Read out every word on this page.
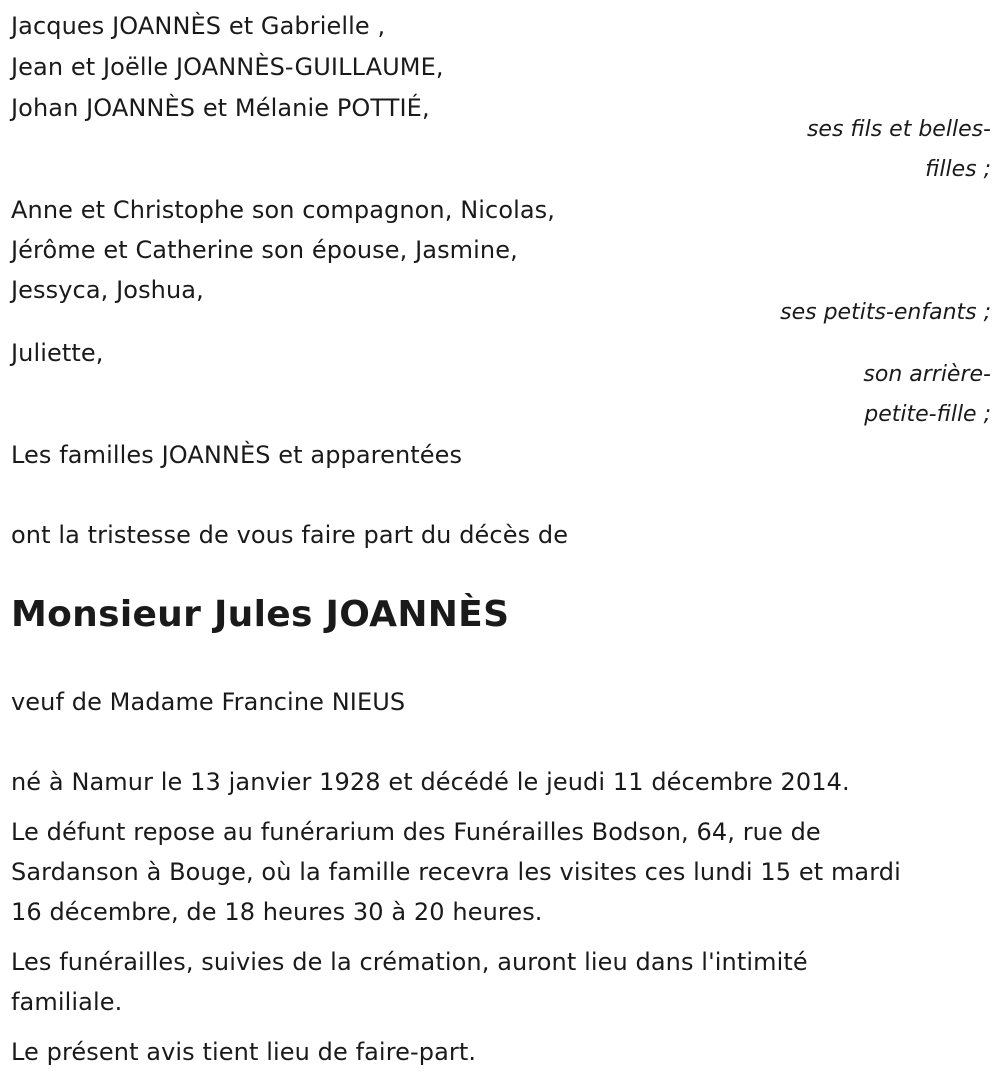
Jacques JOANNÈS et Gabrielle ,
Jean et Joëlle JOANNÈS-GUILLAUME,
Johan JOANNÈS et Mélanie POTTIÉ,
ses fils et belles-
filles ;
Anne et Christophe son compagnon, Nicolas,
Jérôme et Catherine son épouse, Jasmine,
Jessyca, Joshua,
ses petits-enfants ;
Juliette,
son arrière-
petite-fille ;
Les familles JOANNÈS et apparentées
ont la tristesse de vous faire part du décès de
Monsieur Jules JOANNÈS
veuf de Madame Francine NIEUS
né à Namur le 13 janvier 1928 et décédé le jeudi 11 décembre 2014.
Le défunt repose au funérarium des Funérailles Bodson, 64, rue de
Sardanson à Bouge, où la famille recevra les visites ces lundi 15 et mardi
16 décembre, de 18 heures 30 à 20 heures.
Les funérailles, suivies de la crémation, auront lieu dans l'intimité
familiale.
Le présent avis tient lieu de faire-part.
